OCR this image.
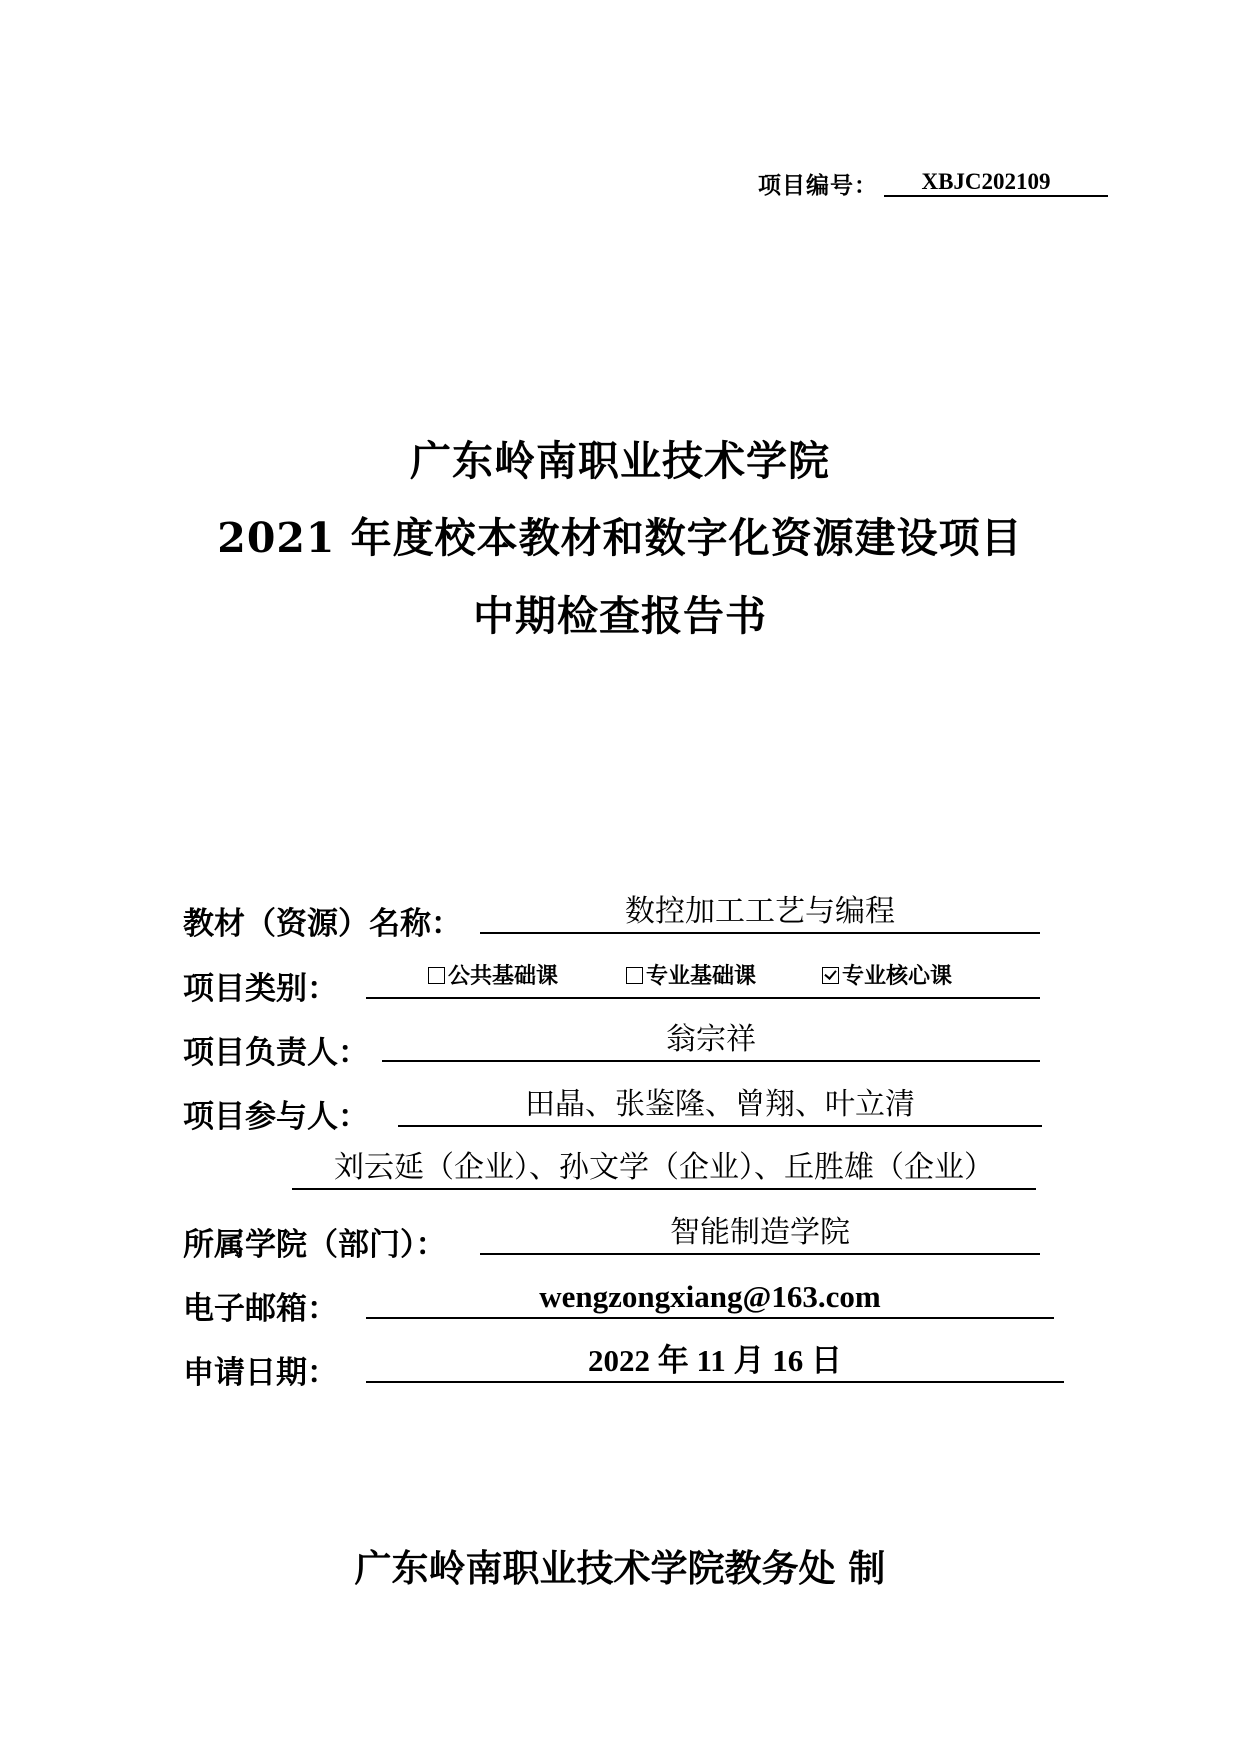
项目编号：	XBJC202109
广东岭南职业技术学院
2021 年度校本教材和数字化资源建设项目
中期检查报告书
教材（资源）名称：	数控加工工艺与编程
项目类别：	公共基础课	专业基础课	专业核心课
项目负责人：	翁宗祥
项目参与人：	田晶、张鉴隆、曾翔、叶立清
刘云延（企业）、孙文学（企业）、丘胜雄（企业）
所属学院（部门）：	智能制造学院
电子邮箱：	wengzongxiang@163.com
申请日期：	2022 年 11 月 16 日
广东岭南职业技术学院教务处 制
